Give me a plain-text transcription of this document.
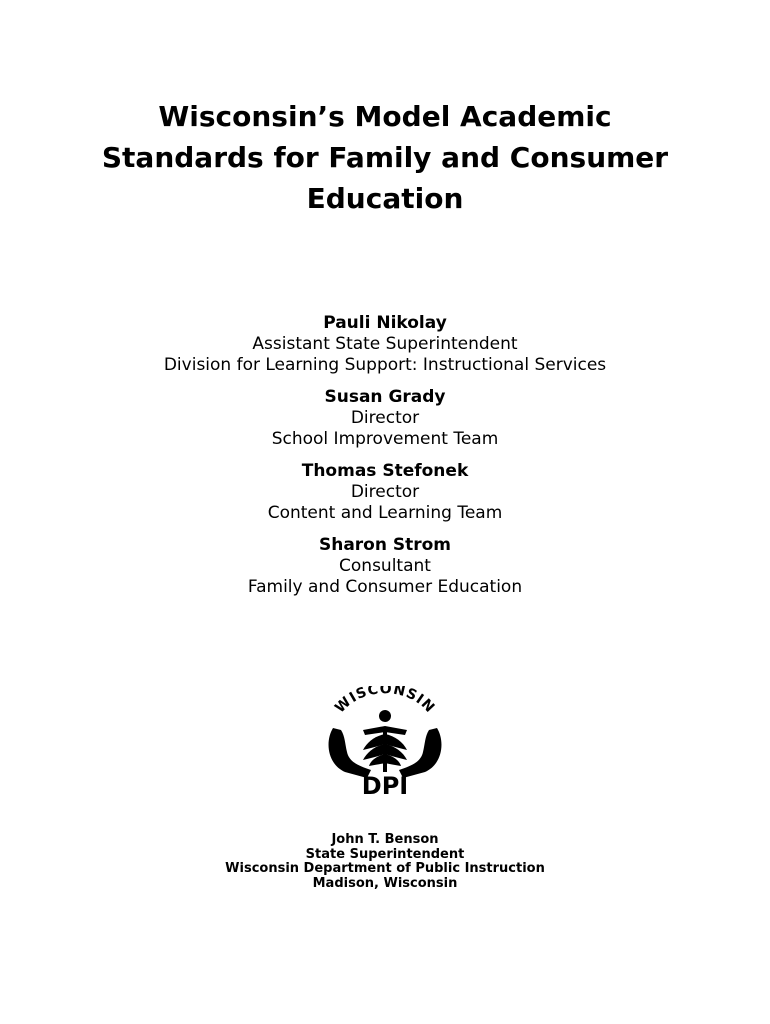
Wisconsin’s Model Academic
Standards for Family and Consumer
Education
Pauli Nikolay
Assistant State Superintendent
Division for Learning Support: Instructional Services
Susan Grady
Director
School Improvement Team
Thomas Stefonek
Director
Content and Learning Team
Sharon Strom
Consultant
Family and Consumer Education
WISCONSIN
DPI
John T. Benson
State Superintendent
Wisconsin Department of Public Instruction
Madison, Wisconsin
